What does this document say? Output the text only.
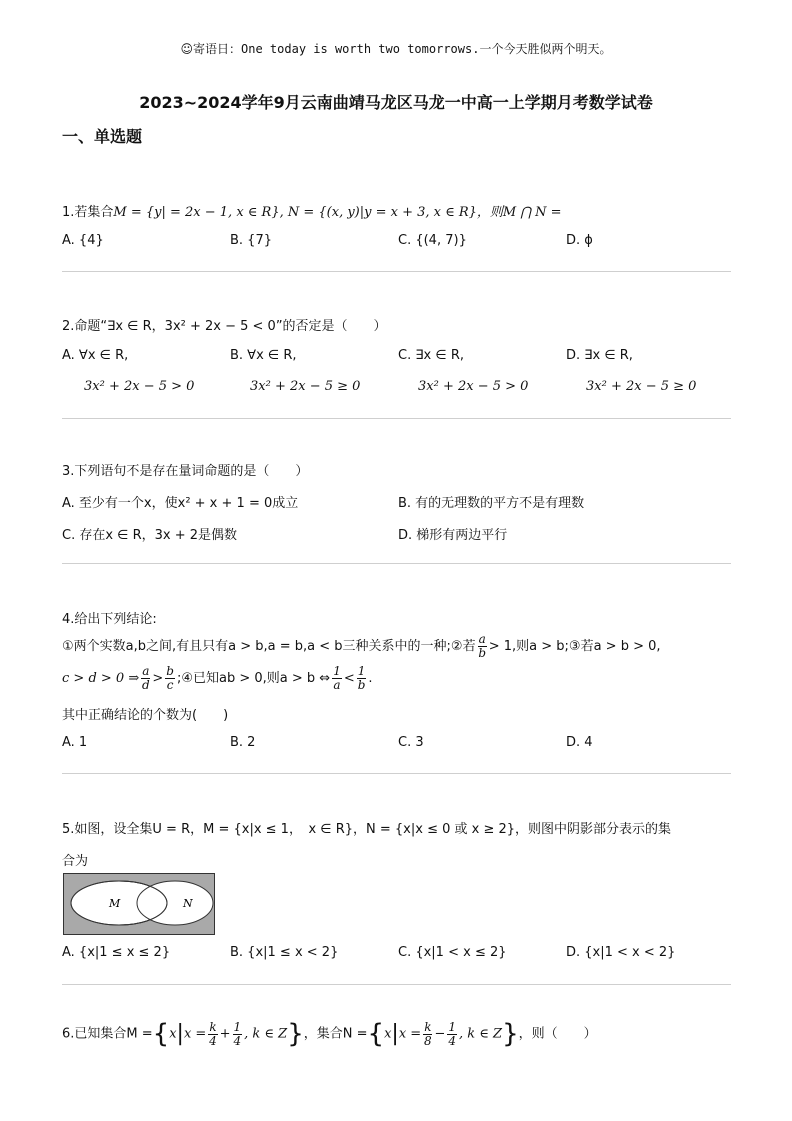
☺寄语日：One today is worth two tomorrows.一个今天胜似两个明天。
2023~2024学年9月云南曲靖马龙区马龙一中高一上学期月考数学试卷
一、单选题
1.若集合M = {y| = 2x − 1, x ∈ R}, N = {(x, y)|y = x + 3, x ∈ R}，则M ⋂ N =
A. {4}	B. {7}	C. {(4, 7)}	D. ϕ
2.命题“∃x ∈ R，3x² + 2x − 5 < 0”的否定是（　　）
A. ∀x ∈ R,	B. ∀x ∈ R,	C. ∃x ∈ R,	D. ∃x ∈ R,
3x² + 2x − 5 > 0	3x² + 2x − 5 ≥ 0	3x² + 2x − 5 > 0	3x² + 2x − 5 ≥ 0
3.下列语句不是存在量词命题的是（　　）
A. 至少有一个x，使x² + x + 1 = 0成立	B. 有的无理数的平方不是有理数
C. 存在x ∈ R，3x + 2是偶数	D. 梯形有两边平行
4.给出下列结论:
①两个实数a,b之间,有且只有a > b,a = b,a < b三种关系中的一种;②若 $\frac{a}{b} > 1$,则a > b;③若a > b > 0,
c > d > 0 ⇒ $\frac{a}{d} > \frac{b}{c}$ ;④已知ab > 0,则a > b ⇔ $\frac{1}{a} < \frac{1}{b}$ .
其中正确结论的个数为(　　)
A. 1	B. 2	C. 3	D. 4
5.如图，设全集U = R，M = {x|x ≤ 1，　x ∈ R}，N = {x|x ≤ 0 或 x ≥ 2}，则图中阴影部分表示的集
合为
M	N
A. {x|1 ≤ x ≤ 2}	B. {x|1 ≤ x < 2}	C. {x|1 < x ≤ 2}	D. {x|1 < x < 2}
6.已知集合$M =\{x|x = \frac{k}{4} + \frac{1}{4}$ , k ∈ Z}，集合$N =\{x|x = \frac{k}{8} - \frac{1}{4}$ , k ∈ Z}，则（　　）
